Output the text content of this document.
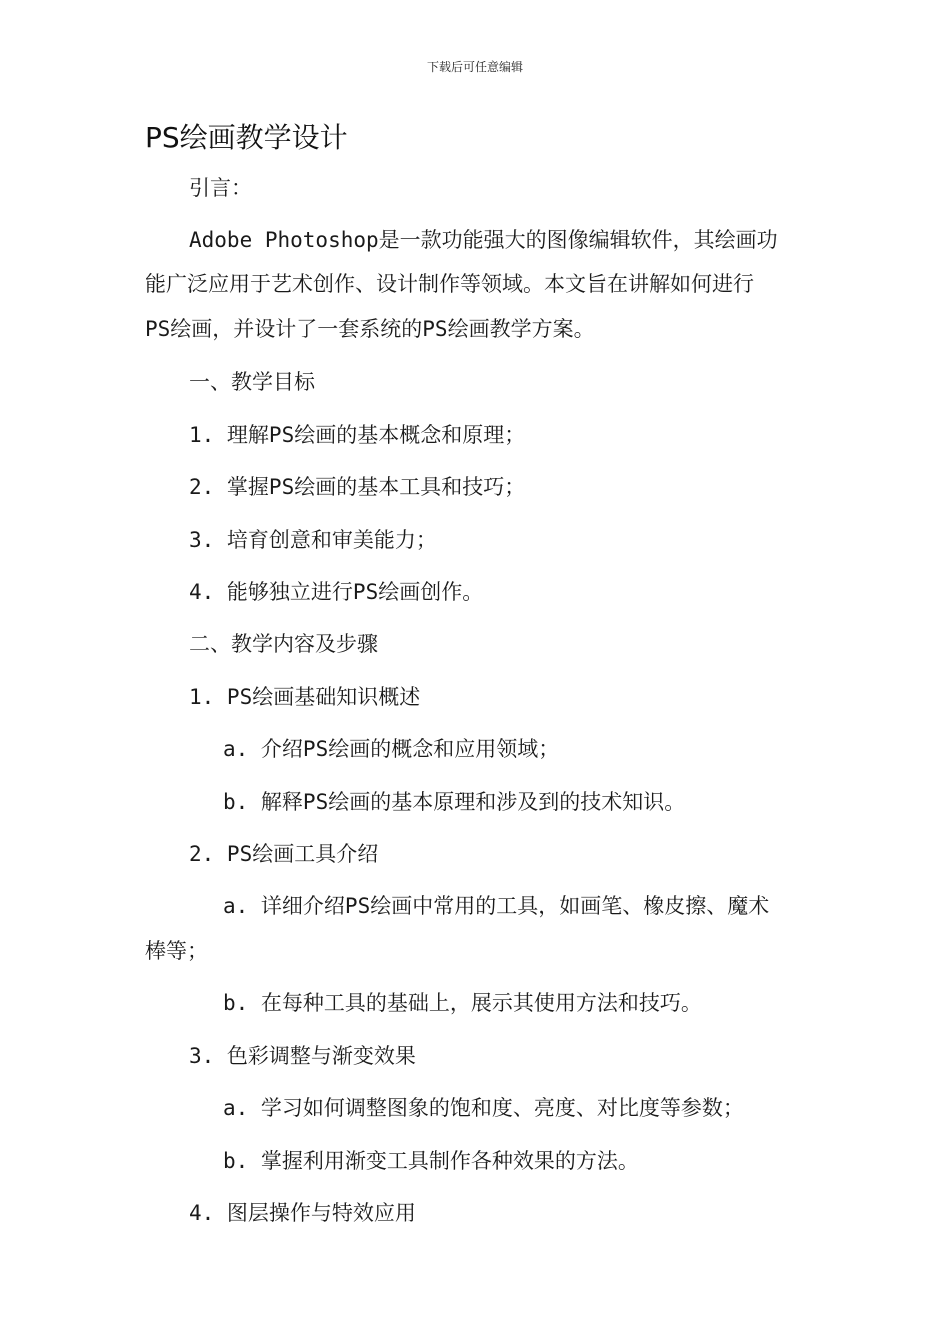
下载后可任意编辑
PS绘画教学设计
引言：
Adobe Photoshop是一款功能强大的图像编辑软件，其绘画功
能广泛应用于艺术创作、设计制作等领域。本文旨在讲解如何进行
PS绘画，并设计了一套系统的PS绘画教学方案。
一、教学目标
1. 理解PS绘画的基本概念和原理；
2. 掌握PS绘画的基本工具和技巧；
3. 培育创意和审美能力；
4. 能够独立进行PS绘画创作。
二、教学内容及步骤
1. PS绘画基础知识概述
a. 介绍PS绘画的概念和应用领域；
b. 解释PS绘画的基本原理和涉及到的技术知识。
2. PS绘画工具介绍
a. 详细介绍PS绘画中常用的工具，如画笔、橡皮擦、魔术
棒等；
b. 在每种工具的基础上，展示其使用方法和技巧。
3. 色彩调整与渐变效果
a. 学习如何调整图象的饱和度、亮度、对比度等参数；
b. 掌握利用渐变工具制作各种效果的方法。
4. 图层操作与特效应用
